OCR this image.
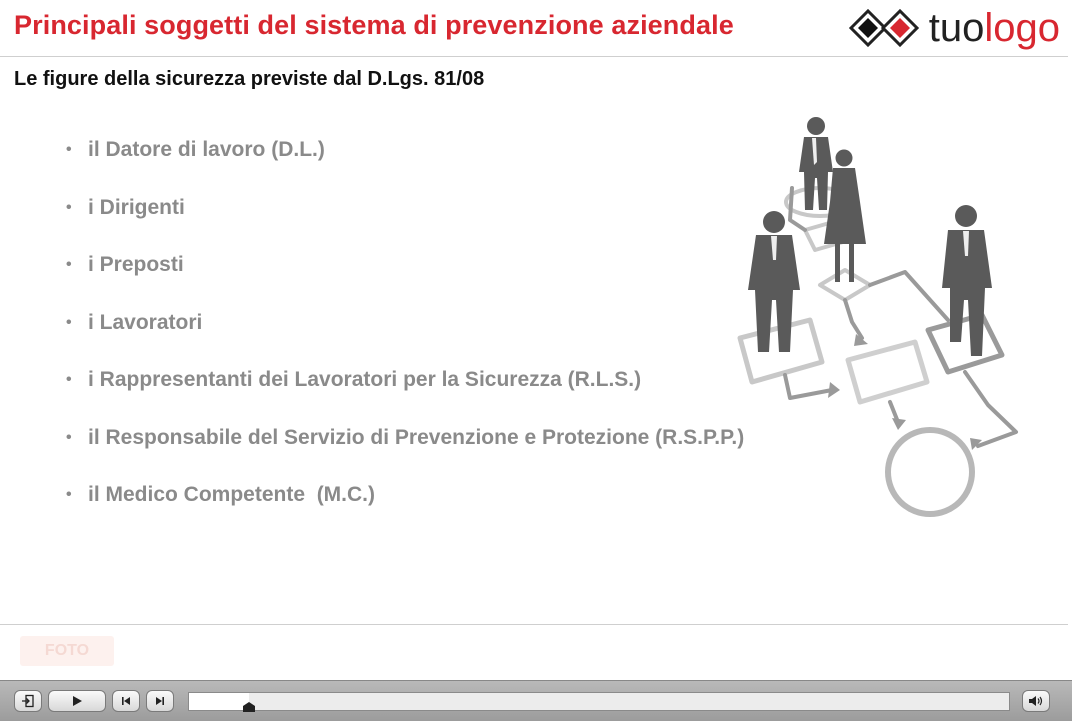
Principali soggetti del sistema di prevenzione aziendale	tuologo
Le figure della sicurezza previste dal D.Lgs. 81/08
• il Datore di lavoro (D.L.)
• i Dirigenti
• i Preposti
• i Lavoratori
• i Rappresentanti dei Lavoratori per la Sicurezza (R.L.S.)
• il Responsabile del Servizio di Prevenzione e Protezione (R.S.P.P.)
• il Medico Competente  (M.C.)
FOTO
